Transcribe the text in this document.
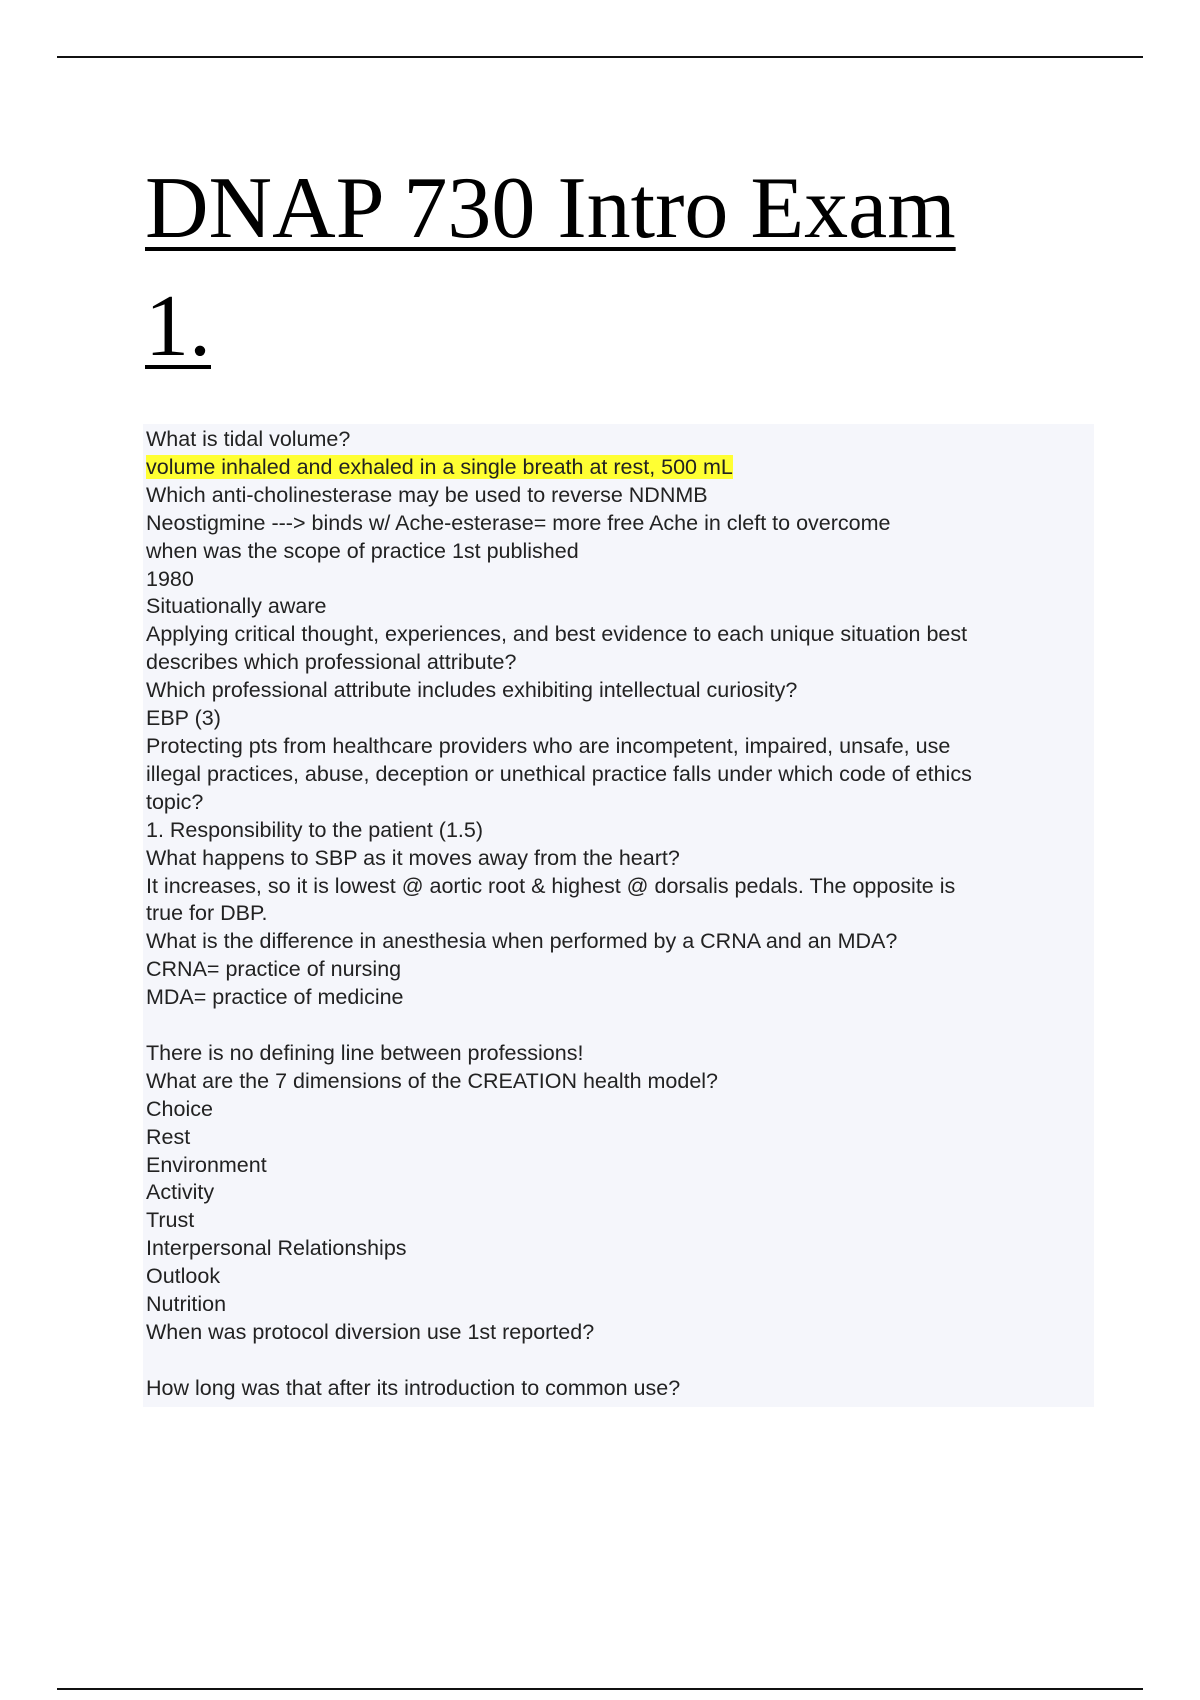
DNAP 730 Intro Exam
1.
What is tidal volume?
volume inhaled and exhaled in a single breath at rest, 500 mL
Which anti-cholinesterase may be used to reverse NDNMB
Neostigmine ---> binds w/ Ache-esterase= more free Ache in cleft to overcome
when was the scope of practice 1st published
1980
Situationally aware
Applying critical thought, experiences, and best evidence to each unique situation best
describes which professional attribute?
Which professional attribute includes exhibiting intellectual curiosity?
EBP (3)
Protecting pts from healthcare providers who are incompetent, impaired, unsafe, use
illegal practices, abuse, deception or unethical practice falls under which code of ethics
topic?
1. Responsibility to the patient (1.5)
What happens to SBP as it moves away from the heart?
It increases, so it is lowest @ aortic root & highest @ dorsalis pedals. The opposite is
true for DBP.
What is the difference in anesthesia when performed by a CRNA and an MDA?
CRNA= practice of nursing
MDA= practice of medicine
There is no defining line between professions!
What are the 7 dimensions of the CREATION health model?
Choice
Rest
Environment
Activity
Trust
Interpersonal Relationships
Outlook
Nutrition
When was protocol diversion use 1st reported?
How long was that after its introduction to common use?
